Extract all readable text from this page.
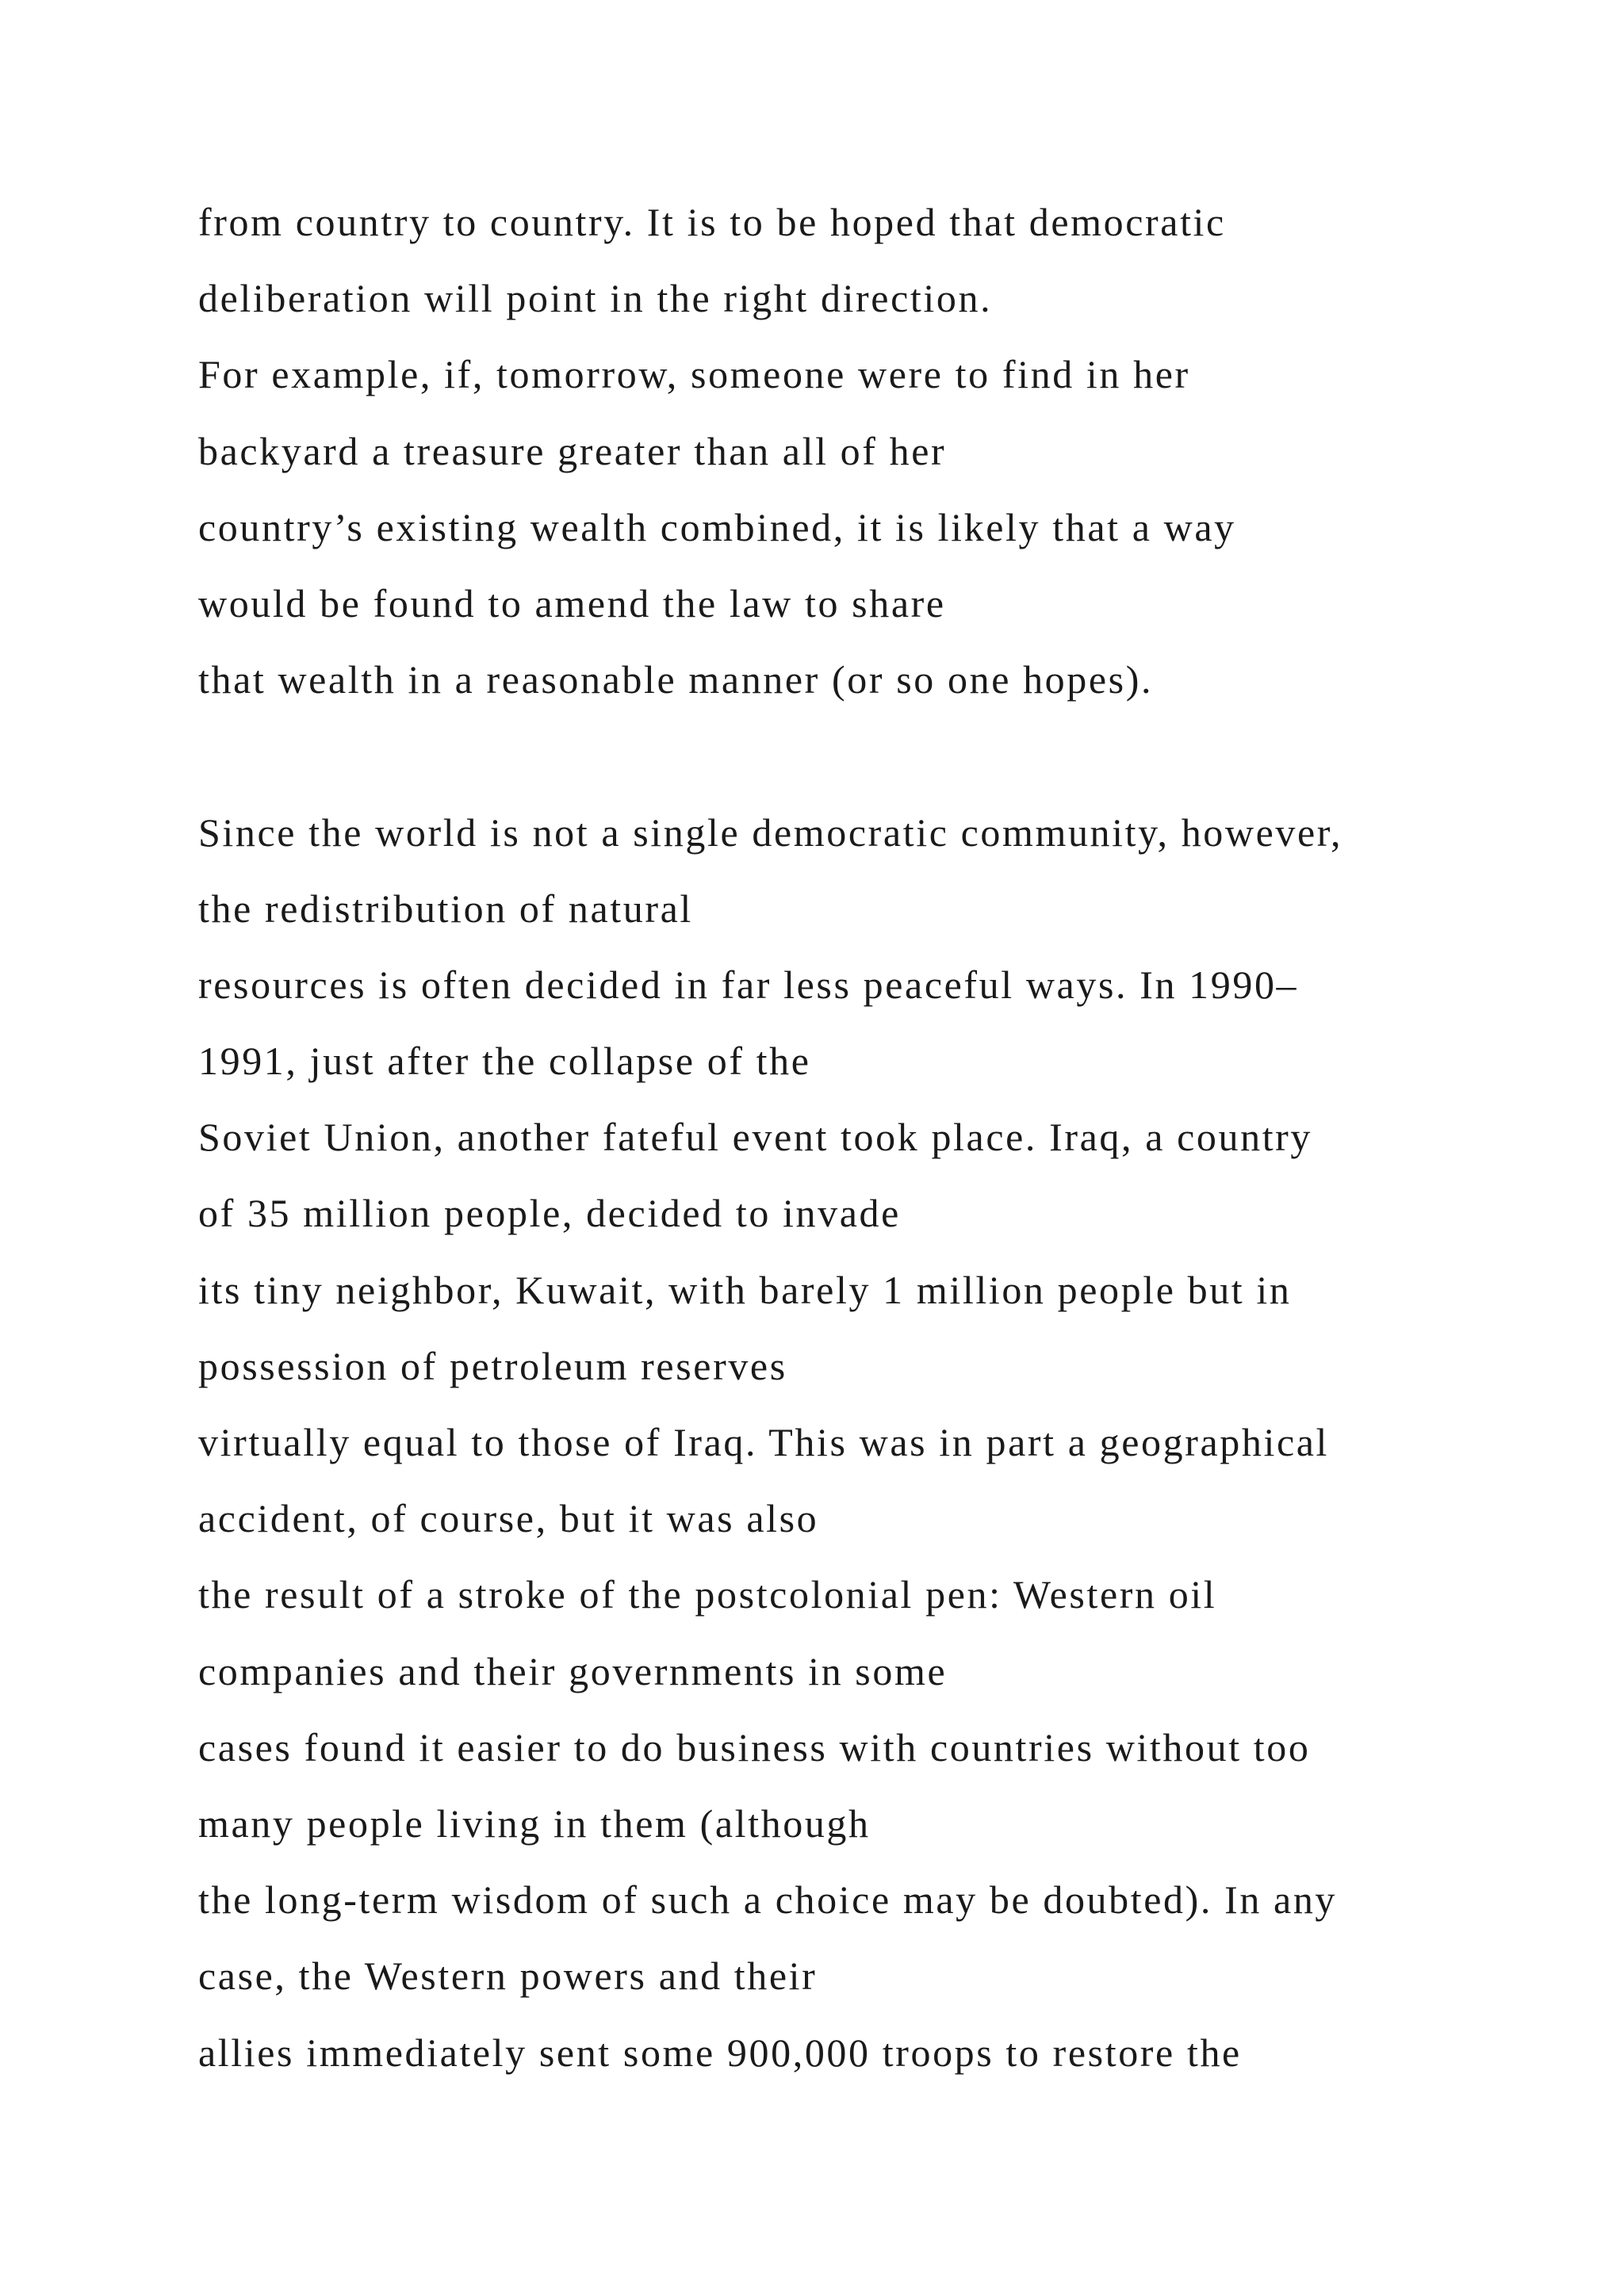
from country to country. It is to be hoped that democratic
deliberation will point in the right direction.
For example, if, tomorrow, someone were to find in her
backyard a treasure greater than all of her
country’s existing wealth combined, it is likely that a way
would be found to amend the law to share
that wealth in a reasonable manner (or so one hopes).
Since the world is not a single democratic community, however,
the redistribution of natural
resources is often decided in far less peaceful ways. In 1990–
1991, just after the collapse of the
Soviet Union, another fateful event took place. Iraq, a country
of 35 million people, decided to invade
its tiny neighbor, Kuwait, with barely 1 million people but in
possession of petroleum reserves
virtually equal to those of Iraq. This was in part a geographical
accident, of course, but it was also
the result of a stroke of the postcolonial pen: Western oil
companies and their governments in some
cases found it easier to do business with countries without too
many people living in them (although
the long-term wisdom of such a choice may be doubted). In any
case, the Western powers and their
allies immediately sent some 900,000 troops to restore the
